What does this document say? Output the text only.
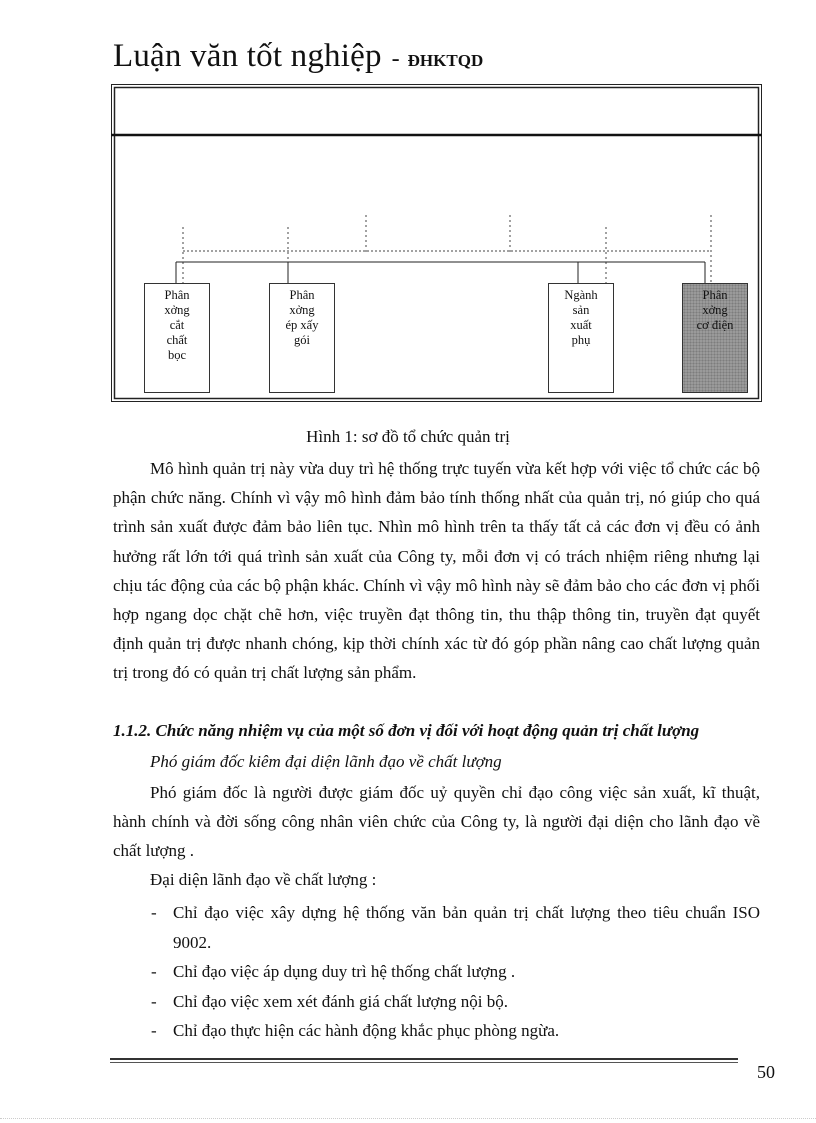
Luận văn tốt nghiệp - ĐHKTQD
Phân
xởng
cắt
chất
bọc
Phân
xởng
ép xấy
gói
Ngành
sản
xuất
phụ
Phân
xởng
cơ điện
Hình 1: sơ đồ tổ chức quản trị

Mô hình quản trị này vừa duy trì hệ thống trực tuyến vừa kết hợp với việc tổ chức các bộ phận chức năng. Chính vì vậy mô hình đảm bảo tính thống nhất của quản trị, nó giúp cho quá trình sản xuất được đảm bảo liên tục. Nhìn mô hình trên ta thấy tất cả các đơn vị đều có ảnh hưởng rất lớn tới quá trình sản xuất của Công ty, mỗi đơn vị có trách nhiệm riêng nhưng lại chịu tác động của các bộ phận khác. Chính vì vậy mô hình này sẽ đảm bảo cho các đơn vị phối hợp ngang dọc chặt chẽ hơn, việc truyền đạt thông tin, thu thập thông tin, truyền đạt quyết định quản trị được nhanh chóng, kịp thời chính xác từ đó góp phần nâng cao chất lượng quản trị trong đó có quản trị chất lượng sản phẩm.

1.1.2. Chức năng nhiệm vụ của một số đơn vị đối với hoạt động quản trị chất lượng
Phó giám đốc kiêm đại diện lãnh đạo về chất lượng

Phó giám đốc là người được giám đốc uỷ quyền chỉ đạo công việc sản xuất, kĩ thuật, hành chính và đời sống công nhân viên chức của Công ty, là người đại diện cho lãnh đạo về chất lượng .

Đại diện lãnh đạo về chất lượng :
- Chỉ đạo việc xây dựng hệ thống văn bản quản trị chất lượng theo tiêu chuẩn ISO 9002.
- Chỉ đạo việc áp dụng duy trì hệ thống chất lượng .
- Chỉ đạo việc xem xét đánh giá chất lượng nội bộ.
- Chỉ đạo thực hiện các hành động khắc phục phòng ngừa.
50
